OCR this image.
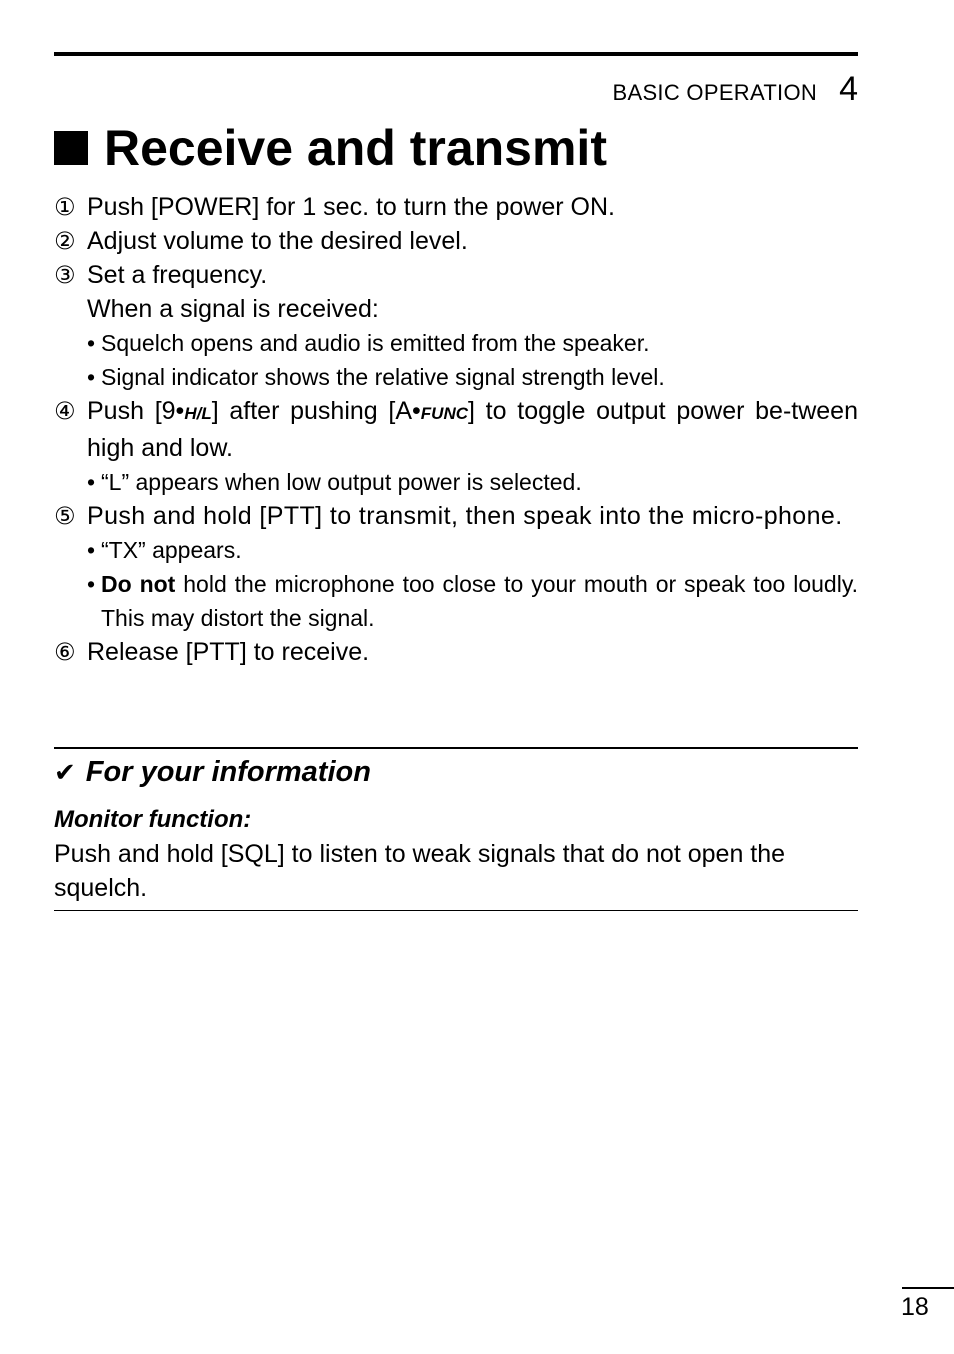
BASIC OPERATION 4
Receive and transmit
① Push [POWER] for 1 sec. to turn the power ON.
② Adjust volume to the desired level.
③ Set a frequency.
When a signal is received:
• Squelch opens and audio is emitted from the speaker.
• Signal indicator shows the relative signal strength level.
④ Push [9•H/L] after pushing [A•FUNC] to toggle output power be-tween high and low.
• “L” appears when low output power is selected.
⑤ Push and hold [PTT] to transmit, then speak into the micro-phone.
• “TX” appears.
• Do not hold the microphone too close to your mouth or speak too loudly. This may distort the signal.
⑥ Release [PTT] to receive.
✔ For your information
Monitor function:
Push and hold [SQL] to listen to weak signals that do not open the squelch.
18
